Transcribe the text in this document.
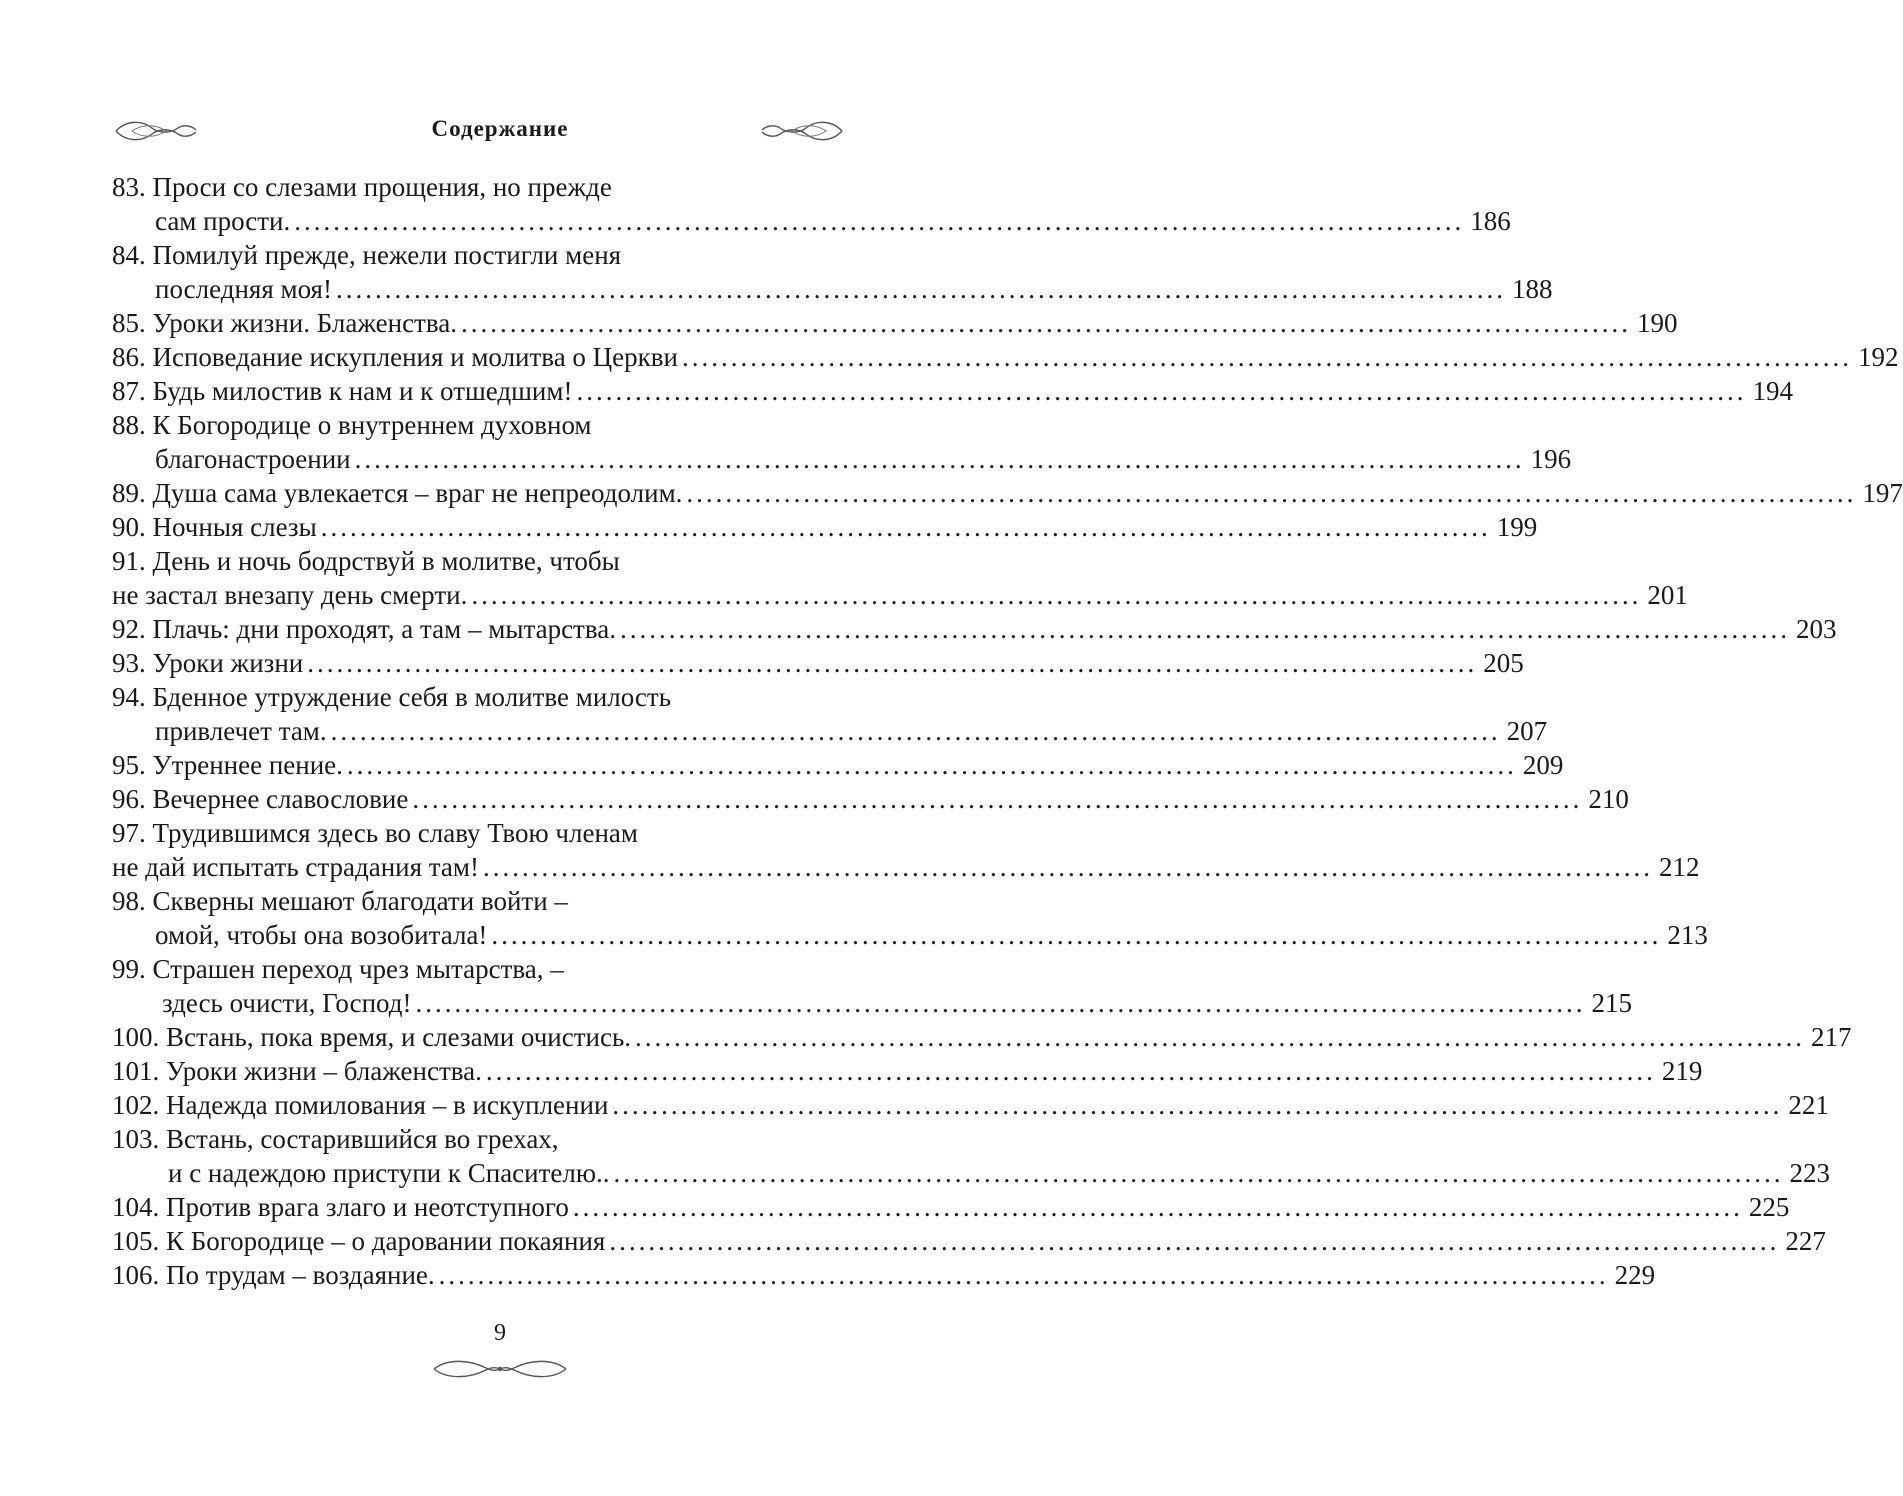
Содержание
83. Проси со слезами прощения, но прежде
сам прости. ........................................................................................................................ 186
84. Помилуй прежде, нежели постигли меня
последняя моя! ........................................................................................................................ 188
85. Уроки жизни. Блаженства. ........................................................................................................................ 190
86. Исповедание искупления и молитва о Церкви ........................................................................................................................ 192
87. Будь милостив к нам и к отшедшим! ........................................................................................................................ 194
88. К Богородице о внутреннем духовном
благонастроении ........................................................................................................................ 196
89. Душа сама увлекается – враг не непреодолим. ........................................................................................................................ 197
90. Ночныя слезы ........................................................................................................................ 199
91. День и ночь бодрствуй в молитве, чтобы
не застал внезапу день смерти. ........................................................................................................................ 201
92. Плачь: дни проходят, а там – мытарства. ........................................................................................................................ 203
93. Уроки жизни ........................................................................................................................ 205
94. Бденное утруждение себя в молитве милость
привлечет там. ........................................................................................................................ 207
95. Утреннее пение. ........................................................................................................................ 209
96. Вечернее славословие ........................................................................................................................ 210
97. Трудившимся здесь во славу Твою членам
не дай испытать страдания там! ........................................................................................................................ 212
98. Скверны мешают благодати войти –
омой, чтобы она возобитала! ........................................................................................................................ 213
99. Страшен переход чрез мытарства, –
здесь очисти, Господ! ........................................................................................................................ 215
100. Встань, пока время, и слезами очистись. ........................................................................................................................ 217
101. Уроки жизни – блаженства. ........................................................................................................................ 219
102. Надежда помилования – в искуплении ........................................................................................................................ 221
103. Встань, состарившийся во грехах,
и с надеждою приступи к Спасителю.. ........................................................................................................................ 223
104. Против врага злаго и неотступного ........................................................................................................................ 225
105. К Богородице – о даровании покаяния ........................................................................................................................ 227
106. По трудам – воздаяние. ........................................................................................................................ 229
9
